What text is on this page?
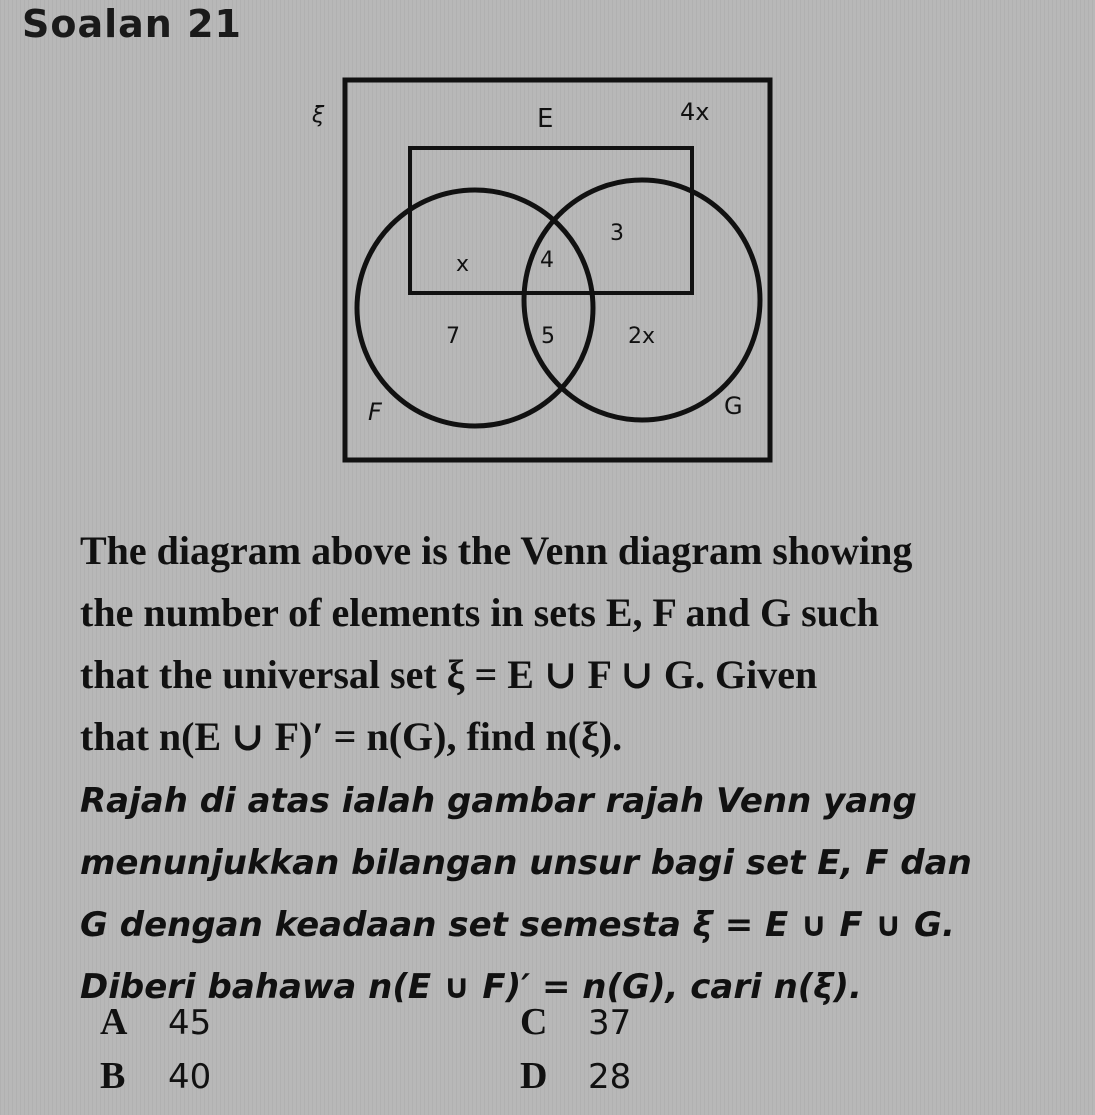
Soalan 21
ξ	E	4x
3
x	4
7	5	2x
F	G

The diagram above is the Venn diagram showing
the number of elements in sets E, F and G such
that the universal set ξ = E ∪ F ∪ G. Given
that n(E ∪ F)′ = n(G), find n(ξ).

Rajah di atas ialah gambar rajah Venn yang
menunjukkan bilangan unsur bagi set E, F dan
G dengan keadaan set semesta ξ = E ∪ F ∪ G.
Diberi bahawa n(E ∪ F)′ = n(G), cari n(ξ).

A 45
B 40
C 37
D 28
